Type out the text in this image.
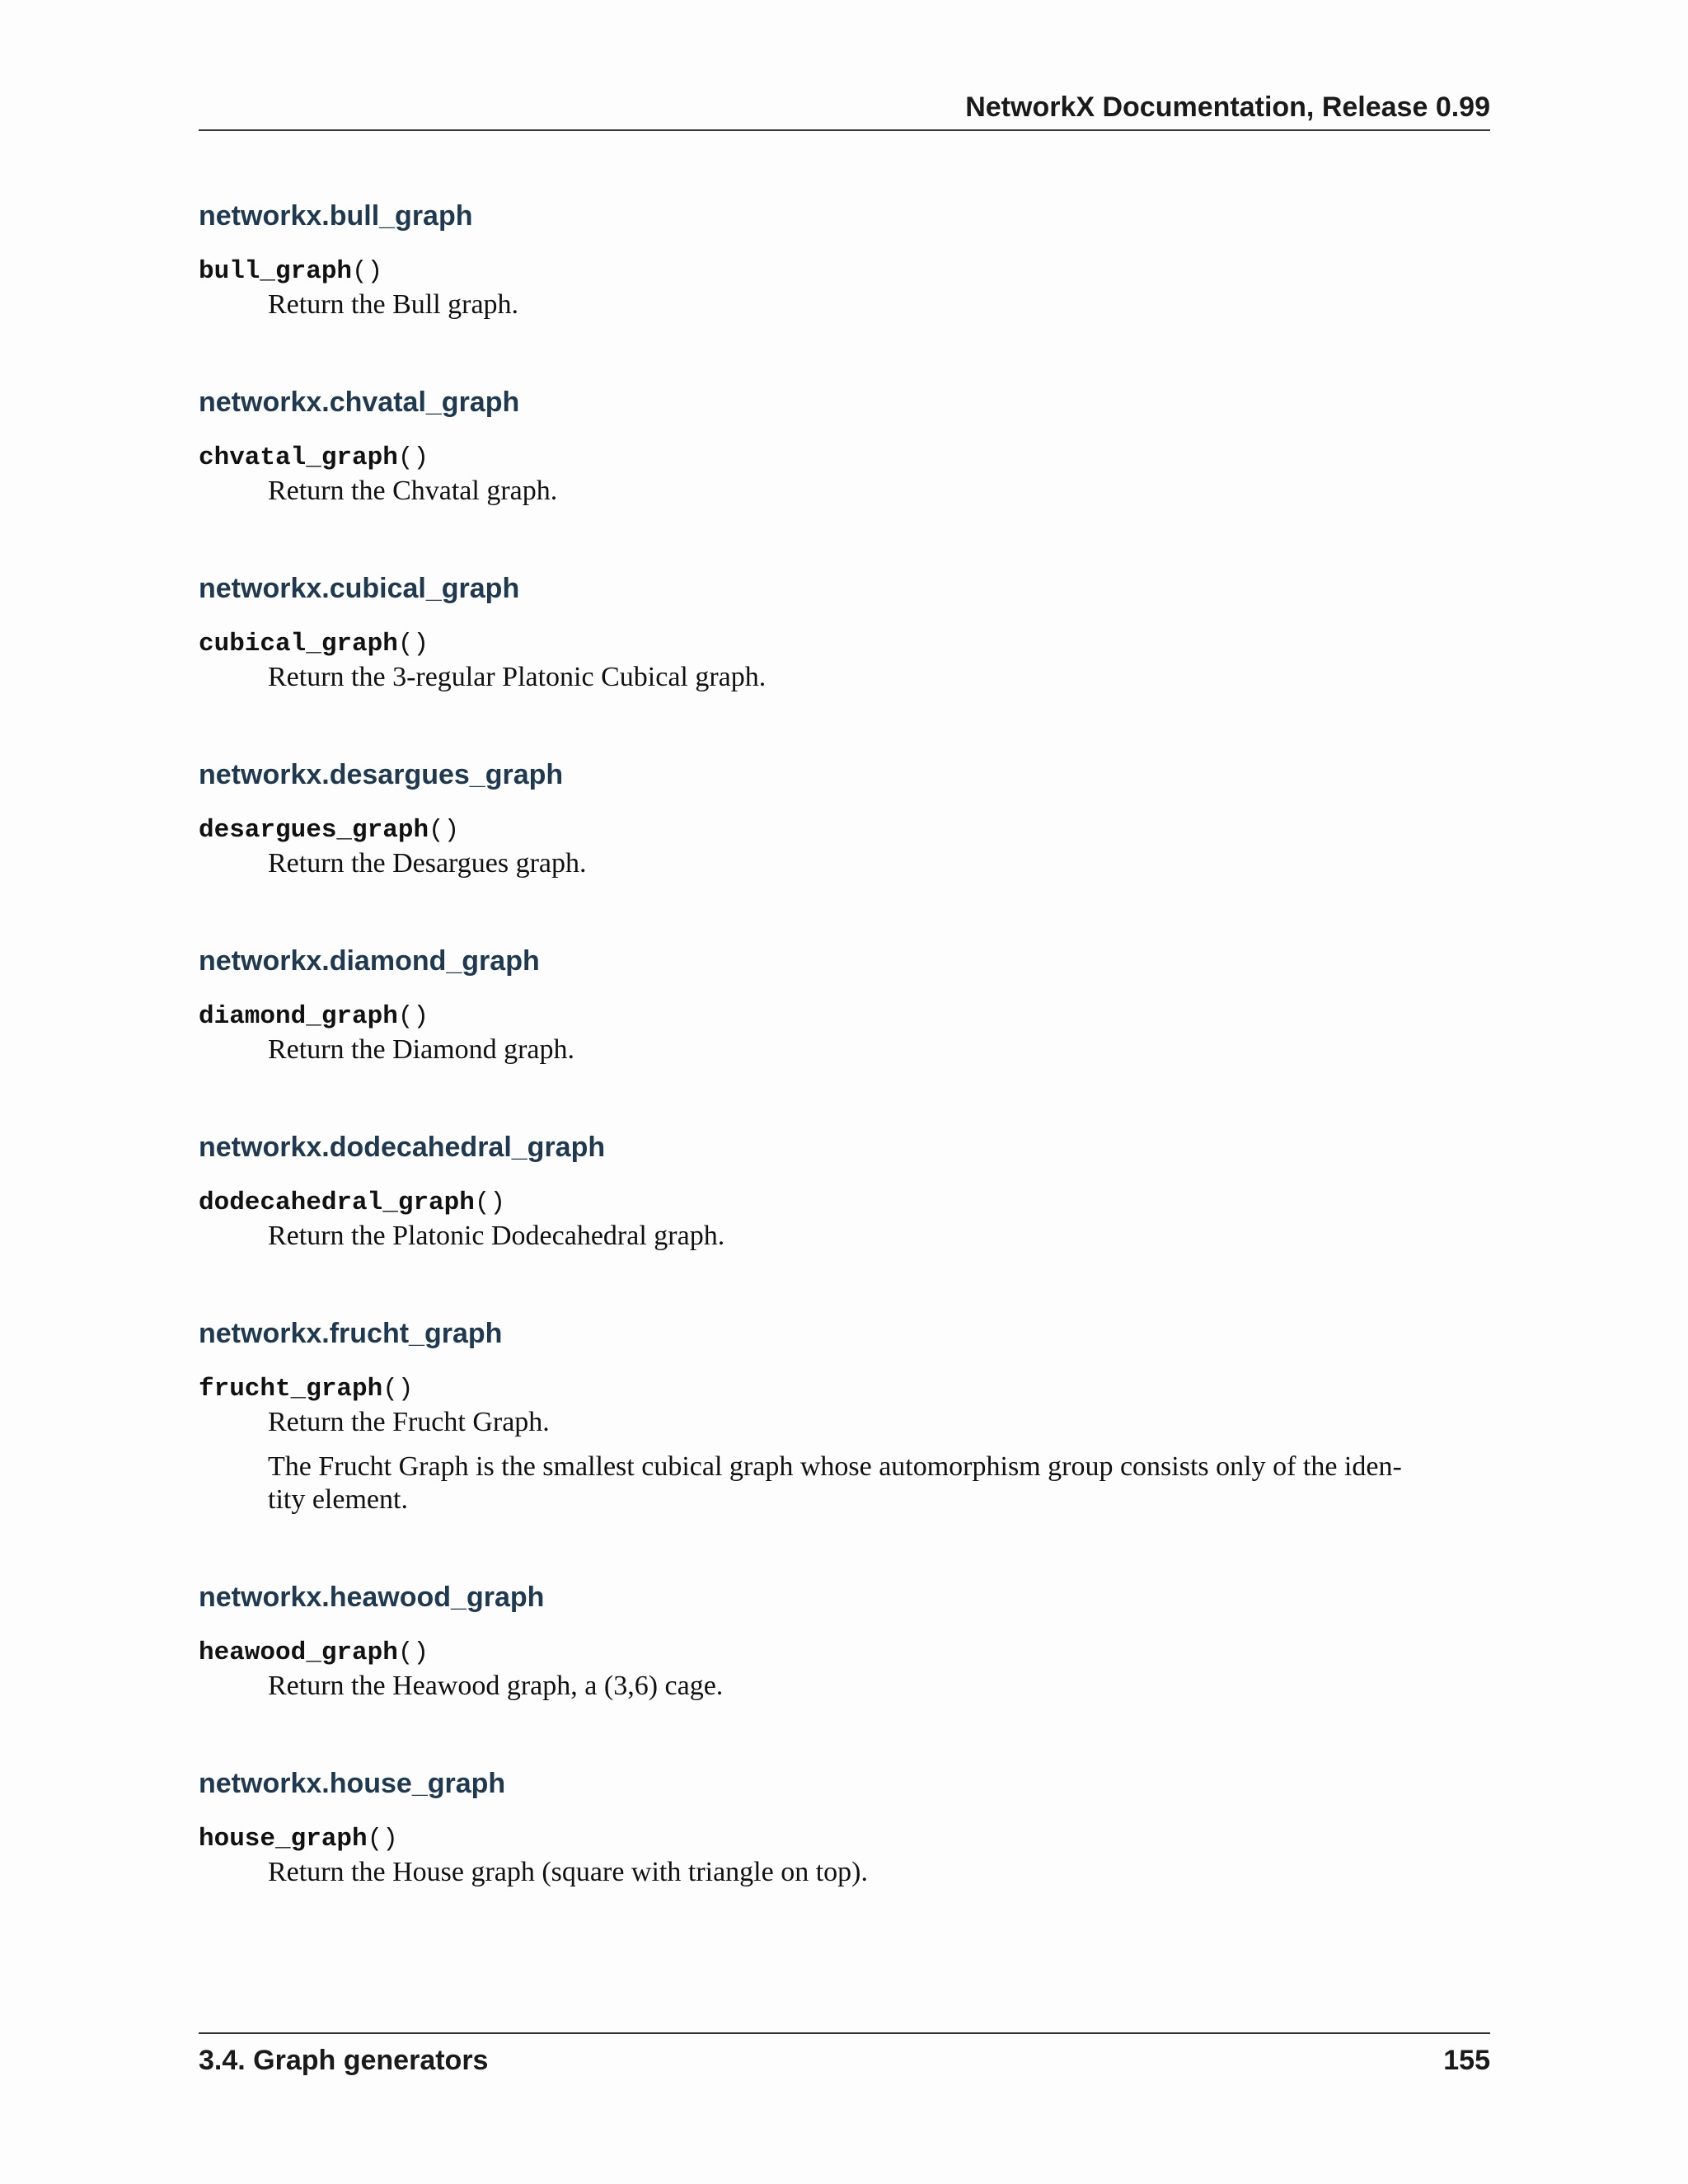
NetworkX Documentation, Release 0.99
networkx.bull_graph
bull_graph()

Return the Bull graph.

networkx.chvatal_graph
chvatal_graph()

Return the Chvatal graph.

networkx.cubical_graph
cubical_graph()

Return the 3-regular Platonic Cubical graph.

networkx.desargues_graph
desargues_graph()

Return the Desargues graph.

networkx.diamond_graph
diamond_graph()

Return the Diamond graph.

networkx.dodecahedral_graph
dodecahedral_graph()

Return the Platonic Dodecahedral graph.

networkx.frucht_graph
frucht_graph()

Return the Frucht Graph.

The Frucht Graph is the smallest cubical graph whose automorphism group consists only of the iden-
tity element.

networkx.heawood_graph
heawood_graph()

Return the Heawood graph, a (3,6) cage.

networkx.house_graph
house_graph()

Return the House graph (square with triangle on top).

3.4. Graph generators	155
